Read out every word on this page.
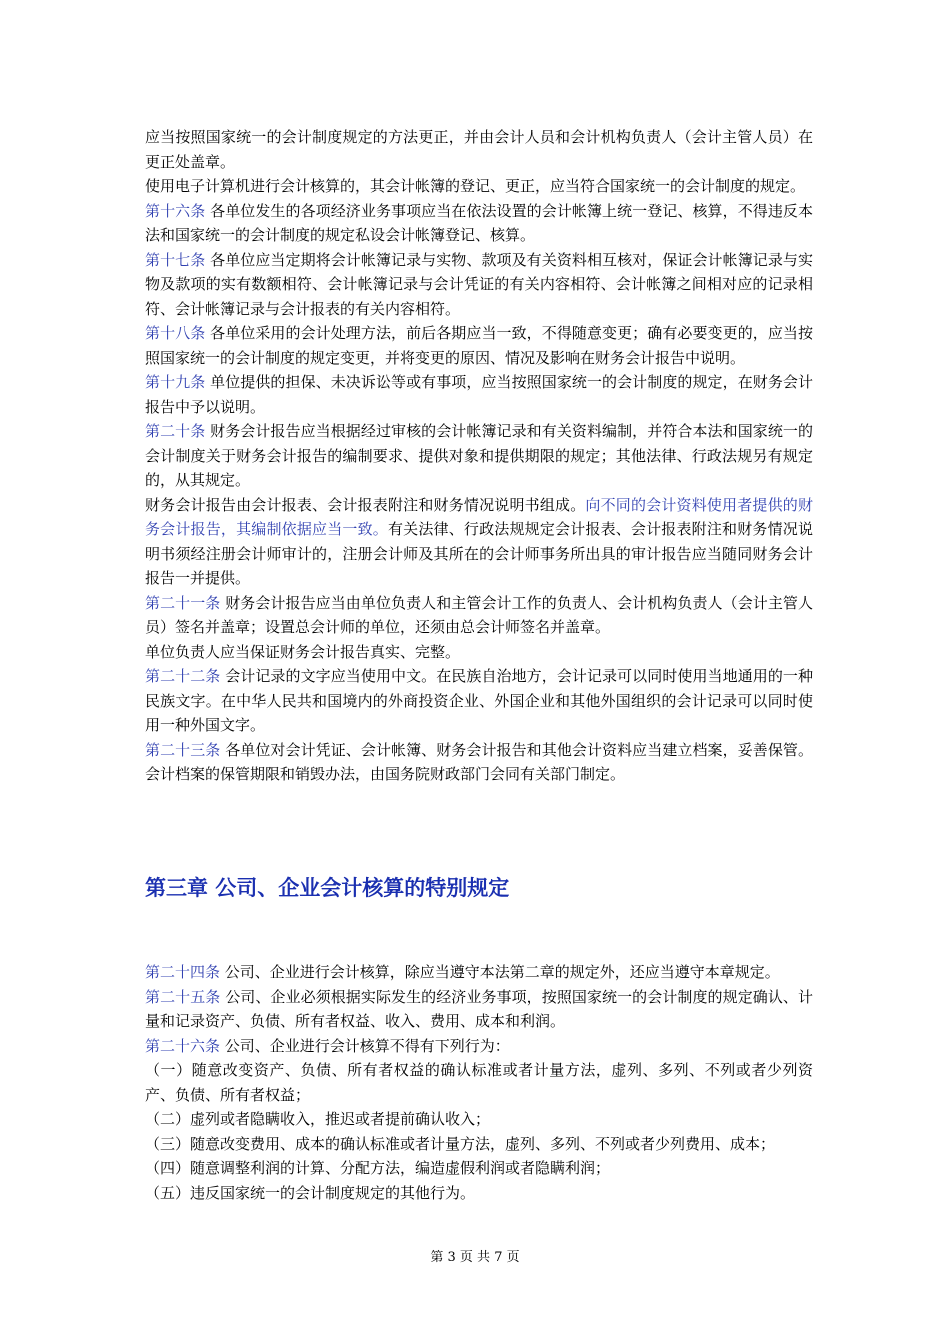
应当按照国家统一的会计制度规定的方法更正，并由会计人员和会计机构负责人（会计主管人员）在更正处盖章。

使用电子计算机进行会计核算的，其会计帐簿的登记、更正，应当符合国家统一的会计制度的规定。

第十六条 各单位发生的各项经济业务事项应当在依法设置的会计帐簿上统一登记、核算，不得违反本法和国家统一的会计制度的规定私设会计帐簿登记、核算。

第十七条 各单位应当定期将会计帐簿记录与实物、款项及有关资料相互核对，保证会计帐簿记录与实物及款项的实有数额相符、会计帐簿记录与会计凭证的有关内容相符、会计帐簿之间相对应的记录相符、会计帐簿记录与会计报表的有关内容相符。

第十八条 各单位采用的会计处理方法，前后各期应当一致，不得随意变更；确有必要变更的，应当按照国家统一的会计制度的规定变更，并将变更的原因、情况及影响在财务会计报告中说明。

第十九条 单位提供的担保、未决诉讼等或有事项，应当按照国家统一的会计制度的规定，在财务会计报告中予以说明。

第二十条 财务会计报告应当根据经过审核的会计帐簿记录和有关资料编制，并符合本法和国家统一的会计制度关于财务会计报告的编制要求、提供对象和提供期限的规定；其他法律、行政法规另有规定的，从其规定。

财务会计报告由会计报表、会计报表附注和财务情况说明书组成。向不同的会计资料使用者提供的财务会计报告，其编制依据应当一致。有关法律、行政法规规定会计报表、会计报表附注和财务情况说明书须经注册会计师审计的，注册会计师及其所在的会计师事务所出具的审计报告应当随同财务会计报告一并提供。

第二十一条 财务会计报告应当由单位负责人和主管会计工作的负责人、会计机构负责人（会计主管人员）签名并盖章；设置总会计师的单位，还须由总会计师签名并盖章。

单位负责人应当保证财务会计报告真实、完整。

第二十二条 会计记录的文字应当使用中文。在民族自治地方，会计记录可以同时使用当地通用的一种民族文字。在中华人民共和国境内的外商投资企业、外国企业和其他外国组织的会计记录可以同时使用一种外国文字。

第二十三条 各单位对会计凭证、会计帐簿、财务会计报告和其他会计资料应当建立档案，妥善保管。会计档案的保管期限和销毁办法，由国务院财政部门会同有关部门制定。

第三章 公司、企业会计核算的特别规定

第二十四条 公司、企业进行会计核算，除应当遵守本法第二章的规定外，还应当遵守本章规定。

第二十五条 公司、企业必须根据实际发生的经济业务事项，按照国家统一的会计制度的规定确认、计量和记录资产、负债、所有者权益、收入、费用、成本和利润。

第二十六条 公司、企业进行会计核算不得有下列行为：

（一）随意改变资产、负债、所有者权益的确认标准或者计量方法，虚列、多列、不列或者少列资产、负债、所有者权益；

（二）虚列或者隐瞒收入，推迟或者提前确认收入；

（三）随意改变费用、成本的确认标准或者计量方法，虚列、多列、不列或者少列费用、成本；

（四）随意调整利润的计算、分配方法，编造虚假利润或者隐瞒利润；

（五）违反国家统一的会计制度规定的其他行为。

第 3 页 共 7 页
